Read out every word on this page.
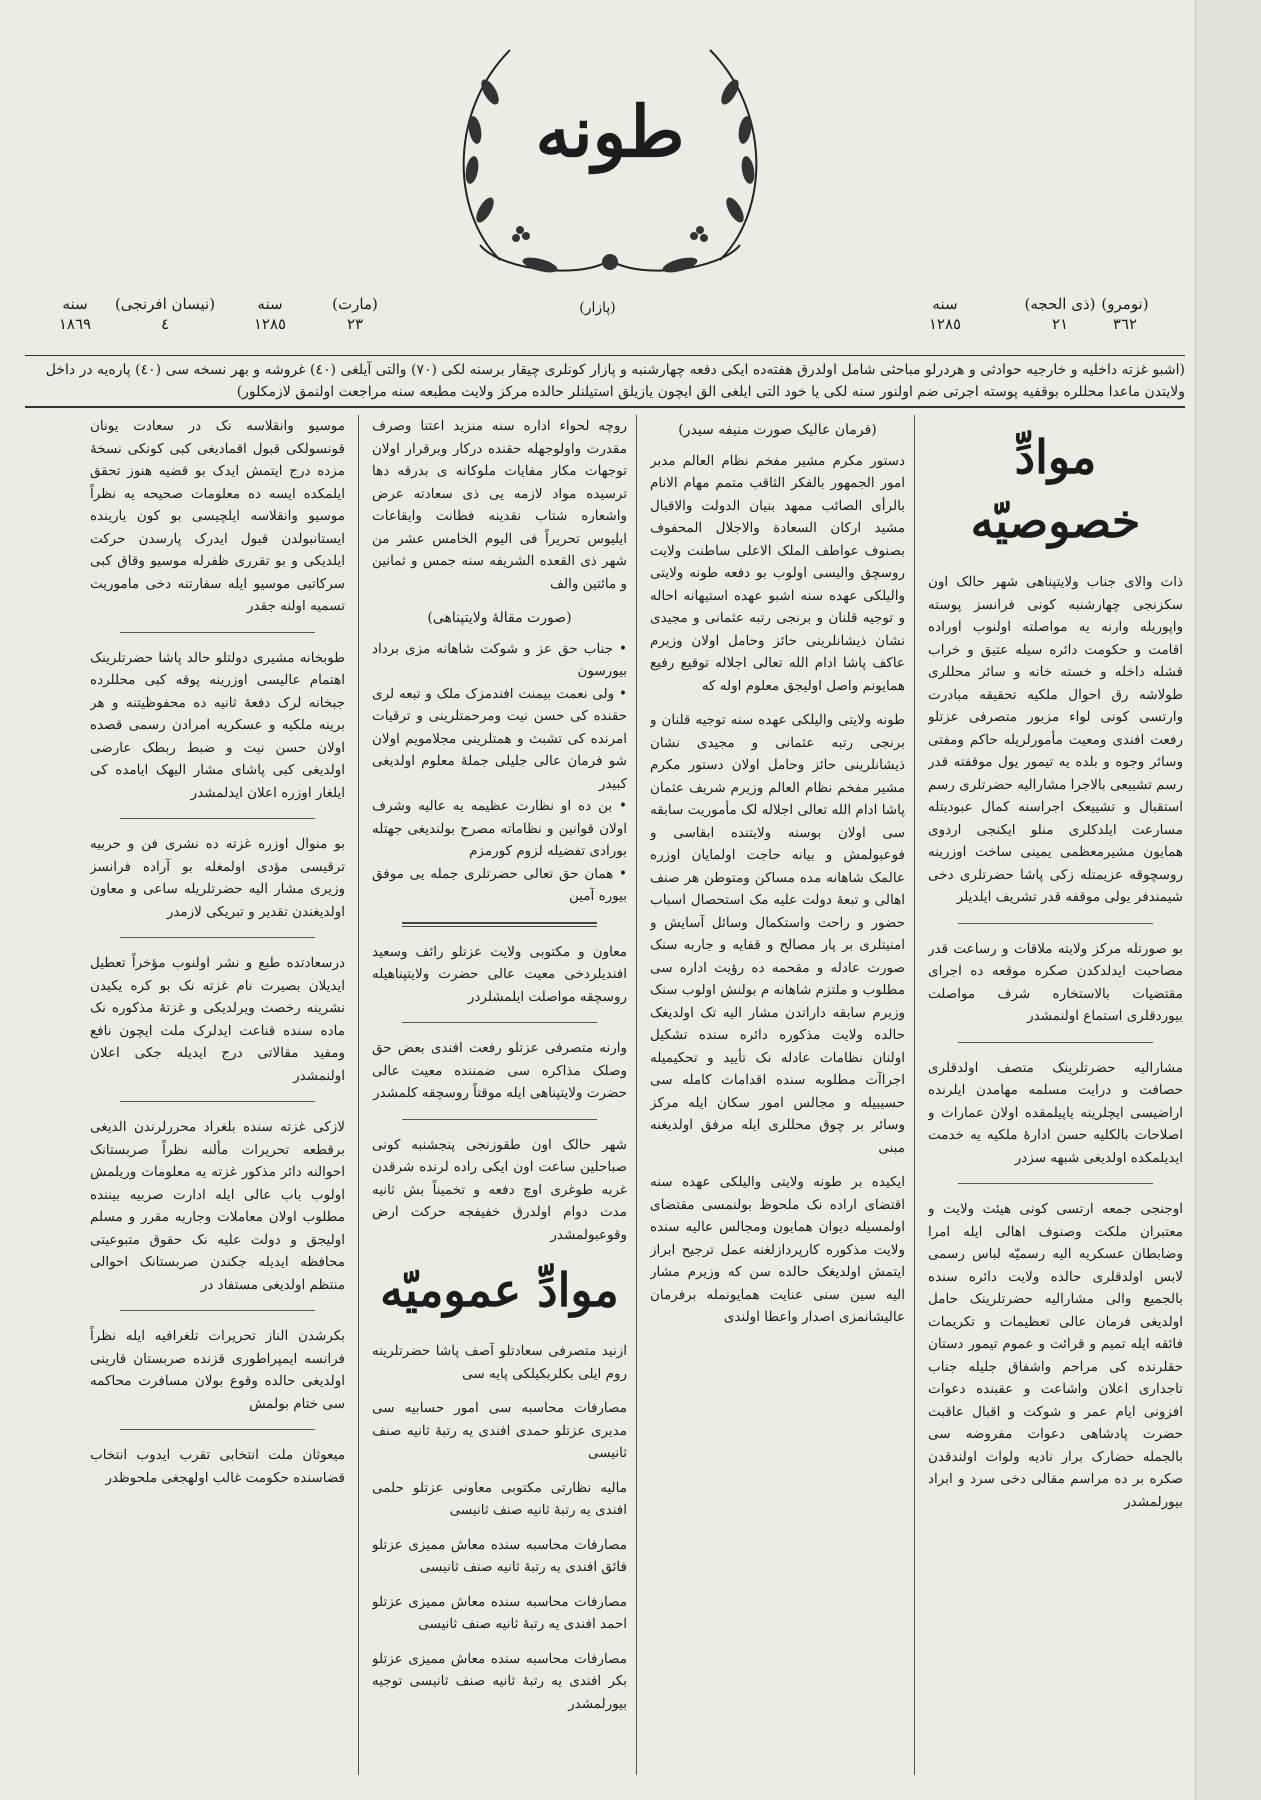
طونه
(نومرو)
٣٦٢
(ذی الحجه)
٢١
سنه
١٢٨٥
(مارت)
٢٣
سنه
١٢٨٥
(نیسان افرنجی)
٤
سنه
١٨٦٩
(پازار)
(اشبو غزته داخلیه و خارجیه حوادثی و هردرلو مباحثی شامل اولدرق هفته‌ده ایکی دفعه چهارشنبه و پازار کونلری چیقار برسنه لکی (٧٠) والتی آیلغی (٤٠) غروشه و بهر نسخه سی (٤٠) پاره‌یه در داخل ولایتدن ماعدا محللره بوقفیه پوسته اجرتی ضم اولنور سنه لکی یا خود التی ایلغی الق ایچون یازیلق استیلنلر حالده مرکز ولایت مطبعه سنه مراجعت اولنمق لازمکلور)
موادِّ خصوصیّه

ذات والای جناب ولایتپناهی شهر حالک اون سکزنجی چهارشنبه کونی فرانسز پوسته واپوریله وارنه یه مواصلته اولنوب اوراده اقامت و حکومت دائره سیله عتیق و خراب قشله داخله و خسته خانه و سائر محللری طولاشه رق احوال ملکیه تحقیقه مبادرت وارتسی کونی لواء مزبور متصرفی عزتلو رفعت افندی ومعیت مأمورلریله حاکم ومفتی وسائر وجوه و بلده یه تیمور یول موقفته قدر رسم تشییعی بالاجرا مشارالیه حضرتلری رسم استقبال و تشییعک اجراسنه کمال عبودیتله مسارعت ایلدکلری منلو ایکنجی اردوی همایون مشیرمعظمی یمینی ساخت اوزرینه روسچوقه عزیمتله زکی پاشا حضرتلری دخی شیمندفر یولی موقفه قدر تشریف ایلدیلر

بو صورتله مرکز ولایته ملاقات و رساعت قدر مصاحبت ایدلدکدن صکره موقعه ده اجرای مقتضیات بالاستخاره شرف مواصلت بیوردقلری استماع اولنمشدر

مشارالیه حضرتلرینک متصف اولدقلری حصافت و درایت مسلمه مهامدن ایلرنده اراضیسی ایچلرینه یاپیلمقده اولان عمارات و اصلاحات بالکلیه حسن ادارهٔ ملکیه یه خدمت ایدیلمکده اولدیغی شبهه سزدر

اوجنجی جمعه ارتسی کونی هیئت ولایت و معتبران ملکت وصنوف اهالی ایله امرا وضابطان عسکریه الیه رسمیّه لباس رسمی لابس اولدقلری حالده ولایت دائره سنده بالجمیع والی مشارالیه حضرتلرینک حامل اولدیغی فرمان عالی تعظیمات و تکریمات فائقه ایله تمیم و قرائت و عموم تیمور دستان حقلرنده کی مراحم واشفاق جلیله جناب تاجداری اعلان واشاعت و عقبنده دعوات افزونی ایام عمر و شوکت و اقبال عاقبت حضرت پادشاهی دعوات مفروضه سی بالجمله حضارک برار ناديه ولوات اولندقدن صکره بر ده مراسم مقالی دخی سرد و ابراد بیورلمشدر

(فرمان عالیک صورت منیفه سیدر)

دستور مکرم مشیر مفخم نظام العالم مدبر امور الجمهور بالفکر الثاقب متمم مهام الانام بالرأی الصائب ممهد بنیان الدولت والاقبال مشید ارکان السعادة والاجلال المحفوف بصنوف عواطف الملک الاعلی ساطنت ولایت روسچق والیسی اولوب بو دفعه طونه ولایتی والیلکی عهده سنه اشبو عهده استیهانه احاله و توجیه قلنان و برنجی رتبه عثمانی و مجیدی نشان ذیشانلرینی حائز وحامل اولان وزیرم عاکف پاشا ادام الله تعالی اجلاله توقیع رفیع همایونم واصل اولیجق معلوم اوله که

طونه ولایتی والیلکی عهده سنه توجیه قلنان و برنجی رتبه عثمانی و مجیدی نشان ذیشانلرینی حائز وحامل اولان دستور مکرم مشیر مفخم نظام العالم وزیرم شریف عثمان پاشا ادام الله تعالی اجلاله لک مأموریت سابقه سی اولان بوسنه ولایتنده ابقاسی و فوعبولمش و بیانه حاجت اولمایان اوزره عالمک شاهانه مده مساکن ومتوطن هر صنف اهالی و تبعهٔ دولت علیه مک استحصال اسباب حضور و راحت واستکمال وسائل آسایش و امنیتلری بر پار مصالح و قفایه و جاربه سنک صورت عادله و مقحمه ده رؤیت اداره سی مطلوب و ملتزم شاهانه م بولنش اولوب سنک وزیرم سابقه داراتدن مشار الیه تک اولدیغک حالده ولایت مذکوره دائره سنده تشکیل اولنان نظامات عادله نک تأیید و تحکیمیله اجراآت مطلوبه سنده اقدامات کامله سی حسیبیله و مجالس امور سکان ایله مرکز وسائر بر چوق محللری ایله مرفق اولدیغنه مبنی

ایکیده بر طونه ولایتی والیلکی عهده سنه اقتضای اراده نک ملحوظ بولنمسی مقتضای اولمسیله دیوان همایون ومجالس عالیه سنده ولایت مذکوره کارپردازلغنه عمل ترجیح ابراز ایتمش اولدیغک حالده سن که وزیرم مشار الیه سین سنی عنایت همایونمله برفرمان عالیشانمزی اصدار واعطا اولندی

روچه لحواء اداره سنه منزید اعتنا وصرف مقدرت واولوجهله حقنده درکار وبرقرار اولان توجهات مکار مفایات ملوکانه ی بدرقه دها ترسیده مواد لازمه یی ذی سعادته عرض واشعاره شتاب نقدینه فطانت وایقاعات ایلیوس تحریراً فی الیوم الخامس عشر من شهر ذی القعده الشریفه سنه جمس و ثمانین و مائتین والف

(صورت مقالهٔ ولایتپناهی)

• جناب حق عز و شوکت شاهانه مزی برداد بیورسون
• ولی نعمت بیمنت افندمزک ملک و تبعه لری حقنده کی حسن نیت ومرحمتلرینی و ترقیات امرنده کی تشبث و همتلرینی مجلامویم اولان شو فرمان عالی جلیلی جملهٔ معلوم اولدیغی کبیدر
• بن ده او نظارت عظیمه یه عالیه وشرف اولان قوانین و نظاماته مصرح بولندیغی جهتله بورادی تفضیله لزوم کورمزم
• همان حق تعالی حضرتلری جمله یی موفق بیوره آمین

معاون و مکتوبی ولایت عزتلو رائف وسعید افندیلردخی معیت عالی حضرت ولایتپناهیله روسچقه مواصلت ایلمشلردر

وارنه متصرفی عزتلو رفعت افندی بعض حق وصلک مذاکره سی ضمننده معیت عالی حضرت ولایتپناهی ایله موقتاً روسچقه کلمشدر

شهر حالک اون طقوزنجی پنجشنبه کونی صباحلین ساعت اون ایکی راده لرنده شرقدن غربه طوغری اوچ دفعه و تخمیناً بش ثانیه مدت دوام اولدرق خفیفجه حرکت ارض وقوعبولمشدر

موادِّ عمومیّه

ازنید متصرفی سعادتلو آصف پاشا حضرتلرینه روم ایلی بکلربکیلکی پایه سی

مصارفات محاسبه سی امور حسابیه سی مدیری عزتلو حمدی افندی یه رتبهٔ ثانیه صنف ثانیسی

مالیه نظارتی مکتوبی معاونی عزتلو حلمی افندی یه رتبهٔ ثانیه صنف ثانیسی

مصارفات محاسبه سنده معاش ممیزی عزتلو فائق افندی یه رتبهٔ ثانیه صنف ثانیسی

مصارفات محاسبه سنده معاش ممیزی عزتلو احمد افندی یه رتبهٔ ثانیه صنف ثانیسی

مصارفات محاسبه سنده معاش ممیزی عزتلو بکر افندی یه رتبهٔ ثانیه صنف ثانیسی توجیه بیورلمشدر

موسیو وانقلاسه نک در سعادت یونان قونسولکی قبول اقمادیغی کبی کونکی نسخهٔ مزده درج ایتمش ایدک بو قضیه هنوز تحقق ایلمکده ایسه ده معلومات صحیحه یه نظراً موسیو وانقلاسه ایلچیسی بو کون یارینده ایستانبولدن قبول ایدرک پارسدن حرکت ایلدیکی و بو تقرری ظفرله موسیو وقاق کبی سرکاتبی موسیو ایله سفارتنه دخی ماموریت تسمیه اولنه جقدر

طوبخانه مشیری دولتلو حالد پاشا حضرتلرینک اهتمام عالیسی اوزرینه پوقه کبی محللرده جبخانه لرک دفعهٔ ثانیه ده محفوظیتنه و هر برینه ملکیه و عسکریه امرادن رسمی قصده اولان حسن نیت و ضبط ربطک عارضی اولدیغی کبی پاشای مشار الیهک ایامده کی ایلغار اوزره اعلان ایدلمشدر

بو منوال اوزره غزته ده نشری فن و حربیه ترقیسی مؤدی اولمغله بو آراده فرانسز وزیری مشار الیه حضرتلریله ساعی و معاون اولدیغندن تقدیر و تبریکی لازمدر

درسعادتده طبع و نشر اولنوب مؤخراً تعطیل ایدیلان بصیرت نام غزته نک بو کره یکیدن نشرینه رخصت ویرلدیکی و غزتهٔ مذکوره نک ماده سنده قناعت ایدلرک ملت ایچون نافع ومفید مقالاتی درج ایدیله جکی اعلان اولنمشدر

لازکی غزته سنده بلغراد محررلرندن الدیغی برقطعه تحریرات مألنه نظراً صربستانک احوالنه دائر مذکور غزته یه معلومات وریلمش اولوب باب عالی ایله ادارت صربیه بیننده مطلوب اولان معاملات وجاریه مقرر و مسلم اولیجق و دولت علیه نک حقوق متبوعیتی محافظه ایدیله جکندن صربستانک احوالی منتظم اولدیغی مستفاد در

بکرشدن الناز تحریرات تلغرافیه ایله نظراً فرانسه ایمپراطوری قزنده صربستان قارینی اولدیغی حالده وقوع بولان مسافرت محاکمه سی ختام بولمش

میعوثان ملت انتخابی تقرب ایدوب انتخاب قضاسنده حکومت غالب اولهجغی ملحوظدر
